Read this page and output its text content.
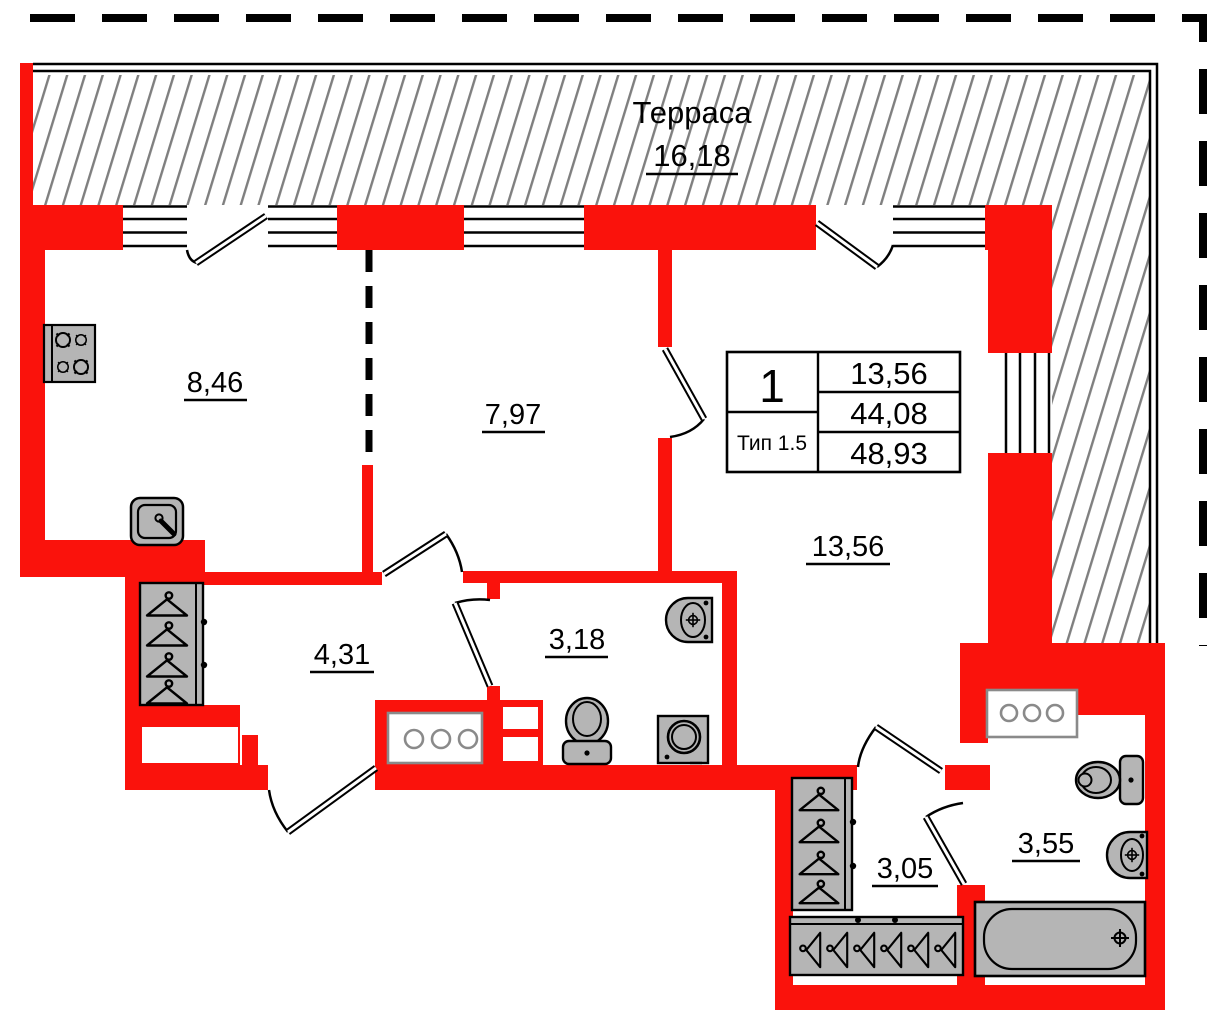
Терраса
16,18
8,46
7,97
13,56
4,31	3,18
3,05
3,55
1
Тип 1.5
13,56
44,08
48,93
